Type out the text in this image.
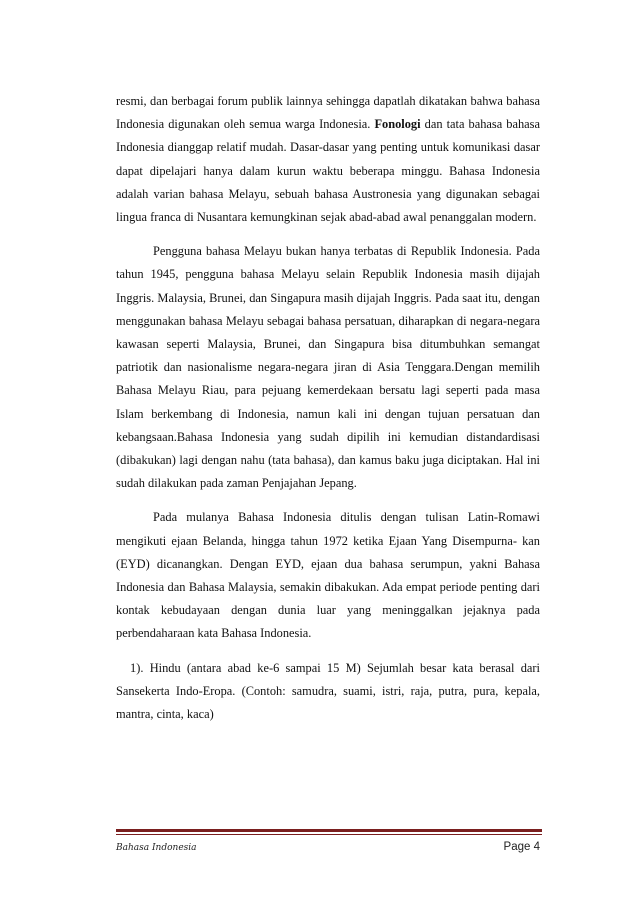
resmi, dan berbagai forum publik lainnya sehingga dapatlah dikatakan bahwa bahasa Indonesia digunakan oleh semua warga Indonesia. Fonologi dan tata bahasa bahasa Indonesia dianggap relatif mudah. Dasar-dasar yang penting untuk komunikasi dasar dapat dipelajari hanya dalam kurun waktu beberapa minggu. Bahasa Indonesia adalah varian bahasa Melayu, sebuah bahasa Austronesia yang digunakan sebagai lingua franca di Nusantara kemungkinan sejak abad-abad awal penanggalan modern.

Pengguna bahasa Melayu bukan hanya terbatas di Republik Indonesia. Pada tahun 1945, pengguna bahasa Melayu selain Republik Indonesia masih dijajah Inggris. Malaysia, Brunei, dan Singapura masih dijajah Inggris. Pada saat itu, dengan menggunakan bahasa Melayu sebagai bahasa persatuan, diharapkan di negara-negara kawasan seperti Malaysia, Brunei, dan Singapura bisa ditumbuhkan semangat patriotik dan nasionalisme negara-negara jiran di Asia Tenggara.Dengan memilih Bahasa Melayu Riau, para pejuang kemerdekaan bersatu lagi seperti pada masa Islam berkembang di Indonesia, namun kali ini dengan tujuan persatuan dan kebangsaan.Bahasa Indonesia yang sudah dipilih ini kemudian distandardisasi (dibakukan) lagi dengan nahu (tata bahasa), dan kamus baku juga diciptakan. Hal ini sudah dilakukan pada zaman Penjajahan Jepang.

Pada mulanya Bahasa Indonesia ditulis dengan tulisan Latin-Romawi mengikuti ejaan Belanda, hingga tahun 1972 ketika Ejaan Yang Disempurna- kan (EYD) dicanangkan. Dengan EYD, ejaan dua bahasa serumpun, yakni Bahasa Indonesia dan Bahasa Malaysia, semakin dibakukan. Ada empat periode penting dari kontak kebudayaan dengan dunia luar yang meninggalkan jejaknya pada perbendaharaan kata Bahasa Indonesia.

1). Hindu (antara abad ke-6 sampai 15 M) Sejumlah besar kata berasal dari Sansekerta Indo-Eropa. (Contoh: samudra, suami, istri, raja, putra, pura, kepala, mantra, cinta, kaca)

Bahasa Indonesia	Page 4
